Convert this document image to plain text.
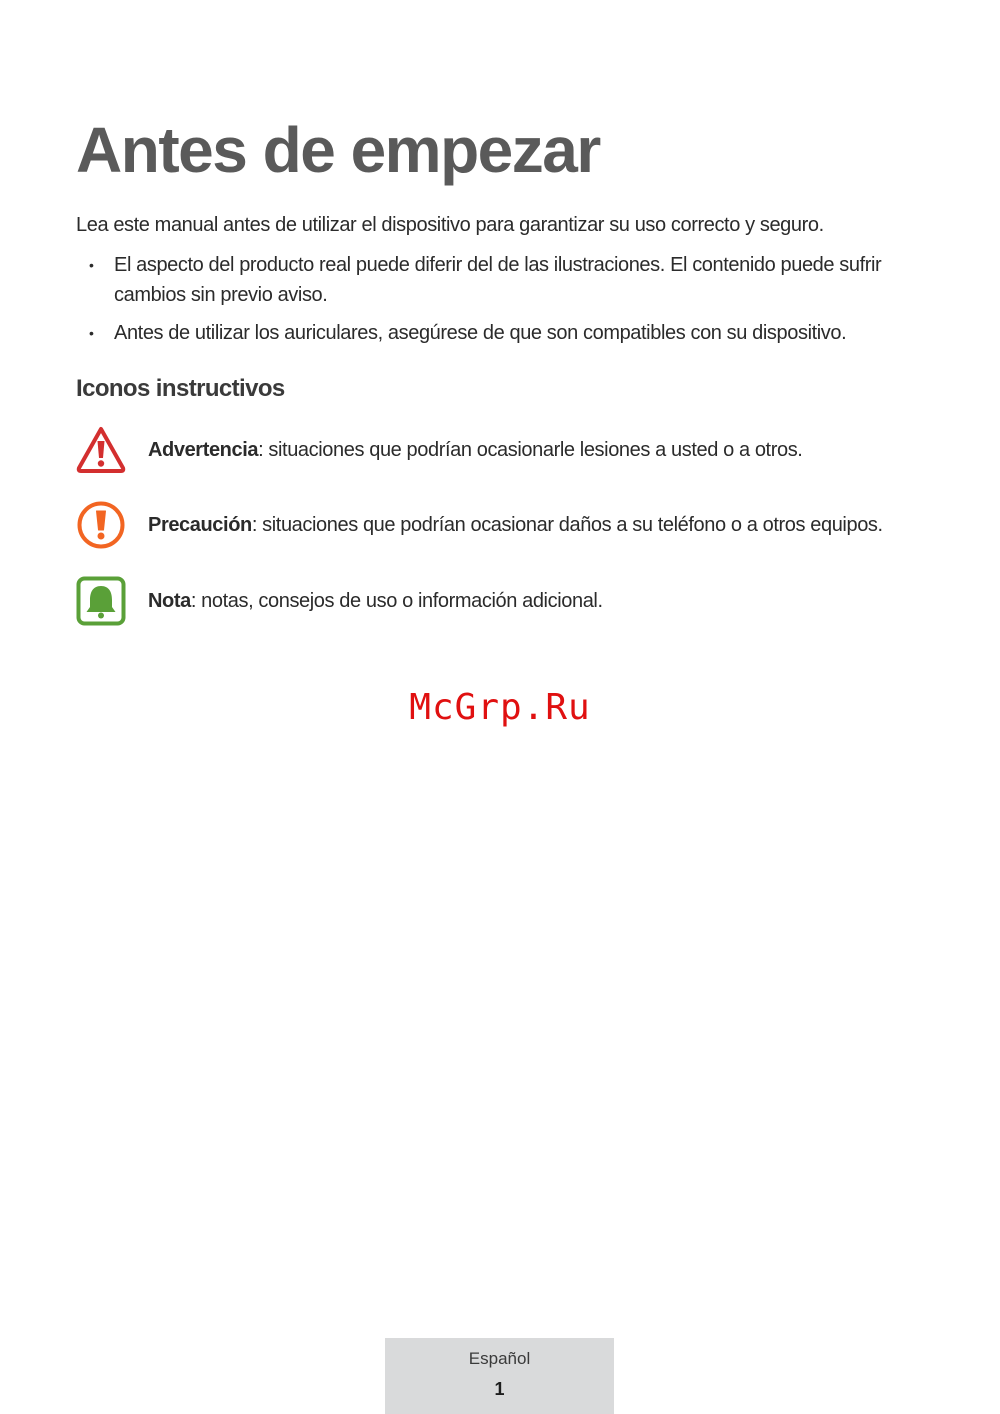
Antes de empezar

Lea este manual antes de utilizar el dispositivo para garantizar su uso correcto y seguro.

• El aspecto del producto real puede diferir del de las ilustraciones. El contenido puede sufrir cambios sin previo aviso.
• Antes de utilizar los auriculares, asegúrese de que son compatibles con su dispositivo.
Iconos instructivos
Advertencia: situaciones que podrían ocasionarle lesiones a usted o a otros.
Precaución: situaciones que podrían ocasionar daños a su teléfono o a otros equipos.
Nota: notas, consejos de uso o información adicional.
McGrp.Ru
Español
1
